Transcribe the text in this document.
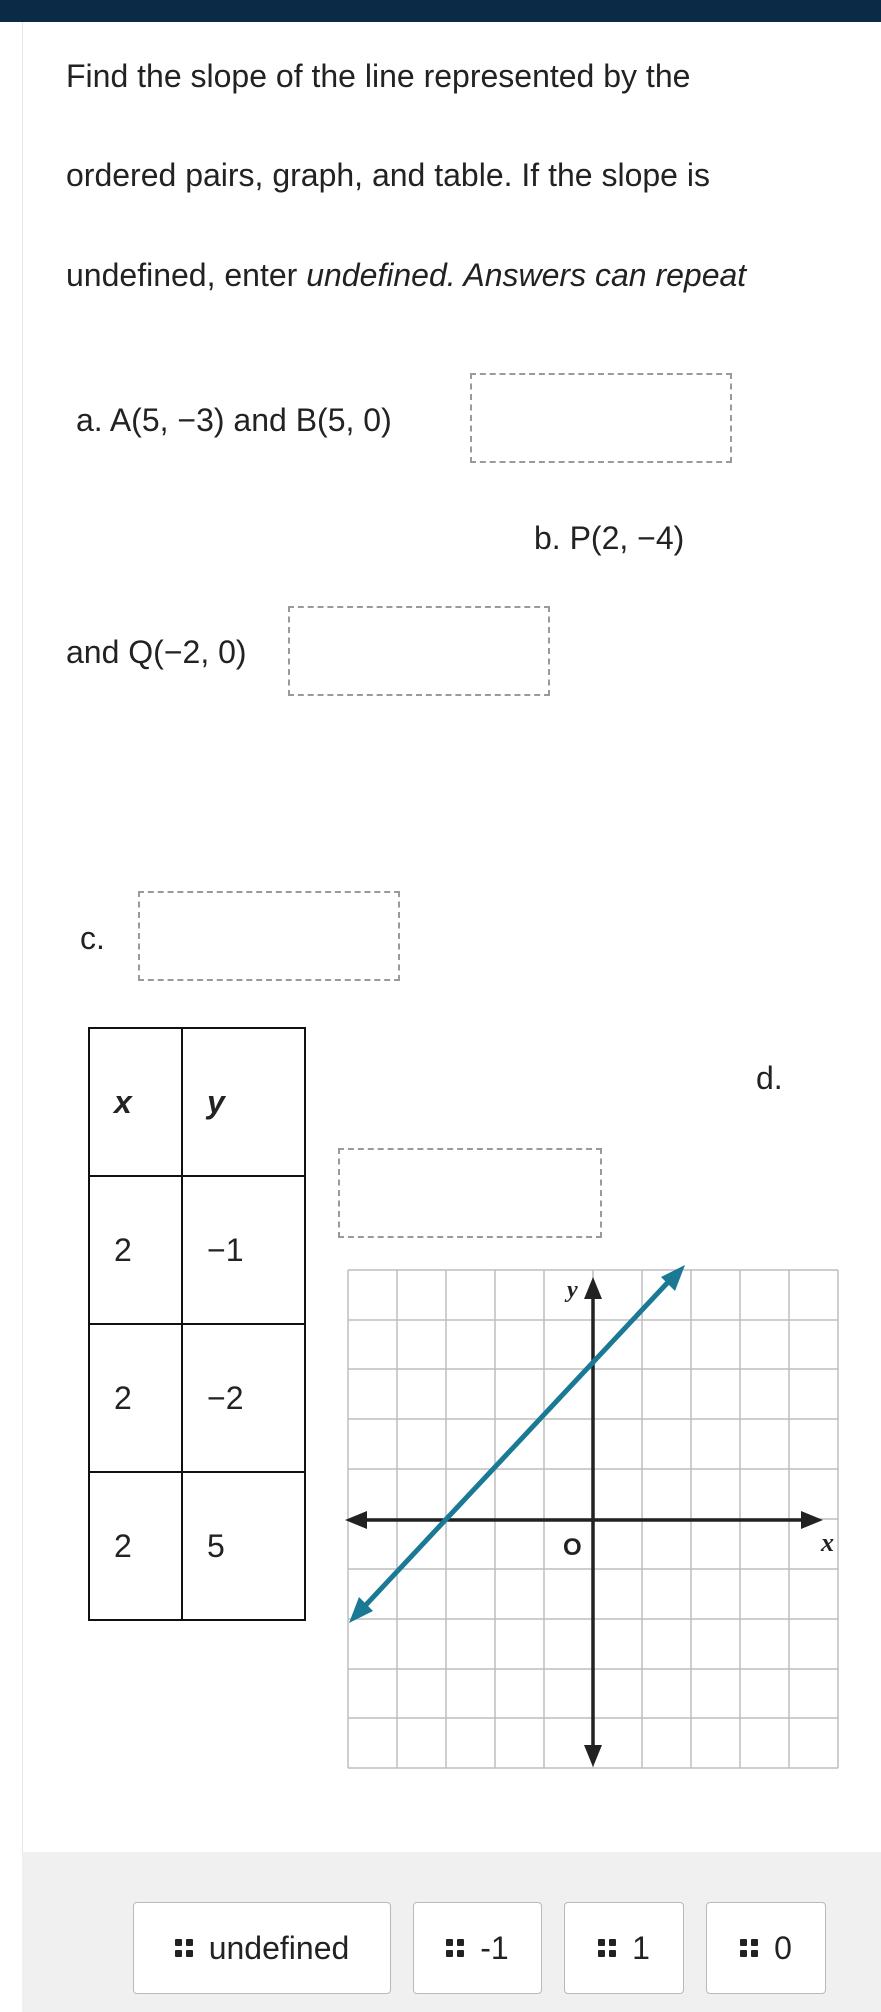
Find the slope of the line represented by the
ordered pairs, graph, and table. If the slope is
undefined, enter undefined. Answers can repeat
a. A(5, −3) and B(5, 0)
b. P(2, −4)
and Q(−2, 0)
c.
d.
x	y
2	−1
2	−2
2	5
y
O	x
undefined	-1	1	0
